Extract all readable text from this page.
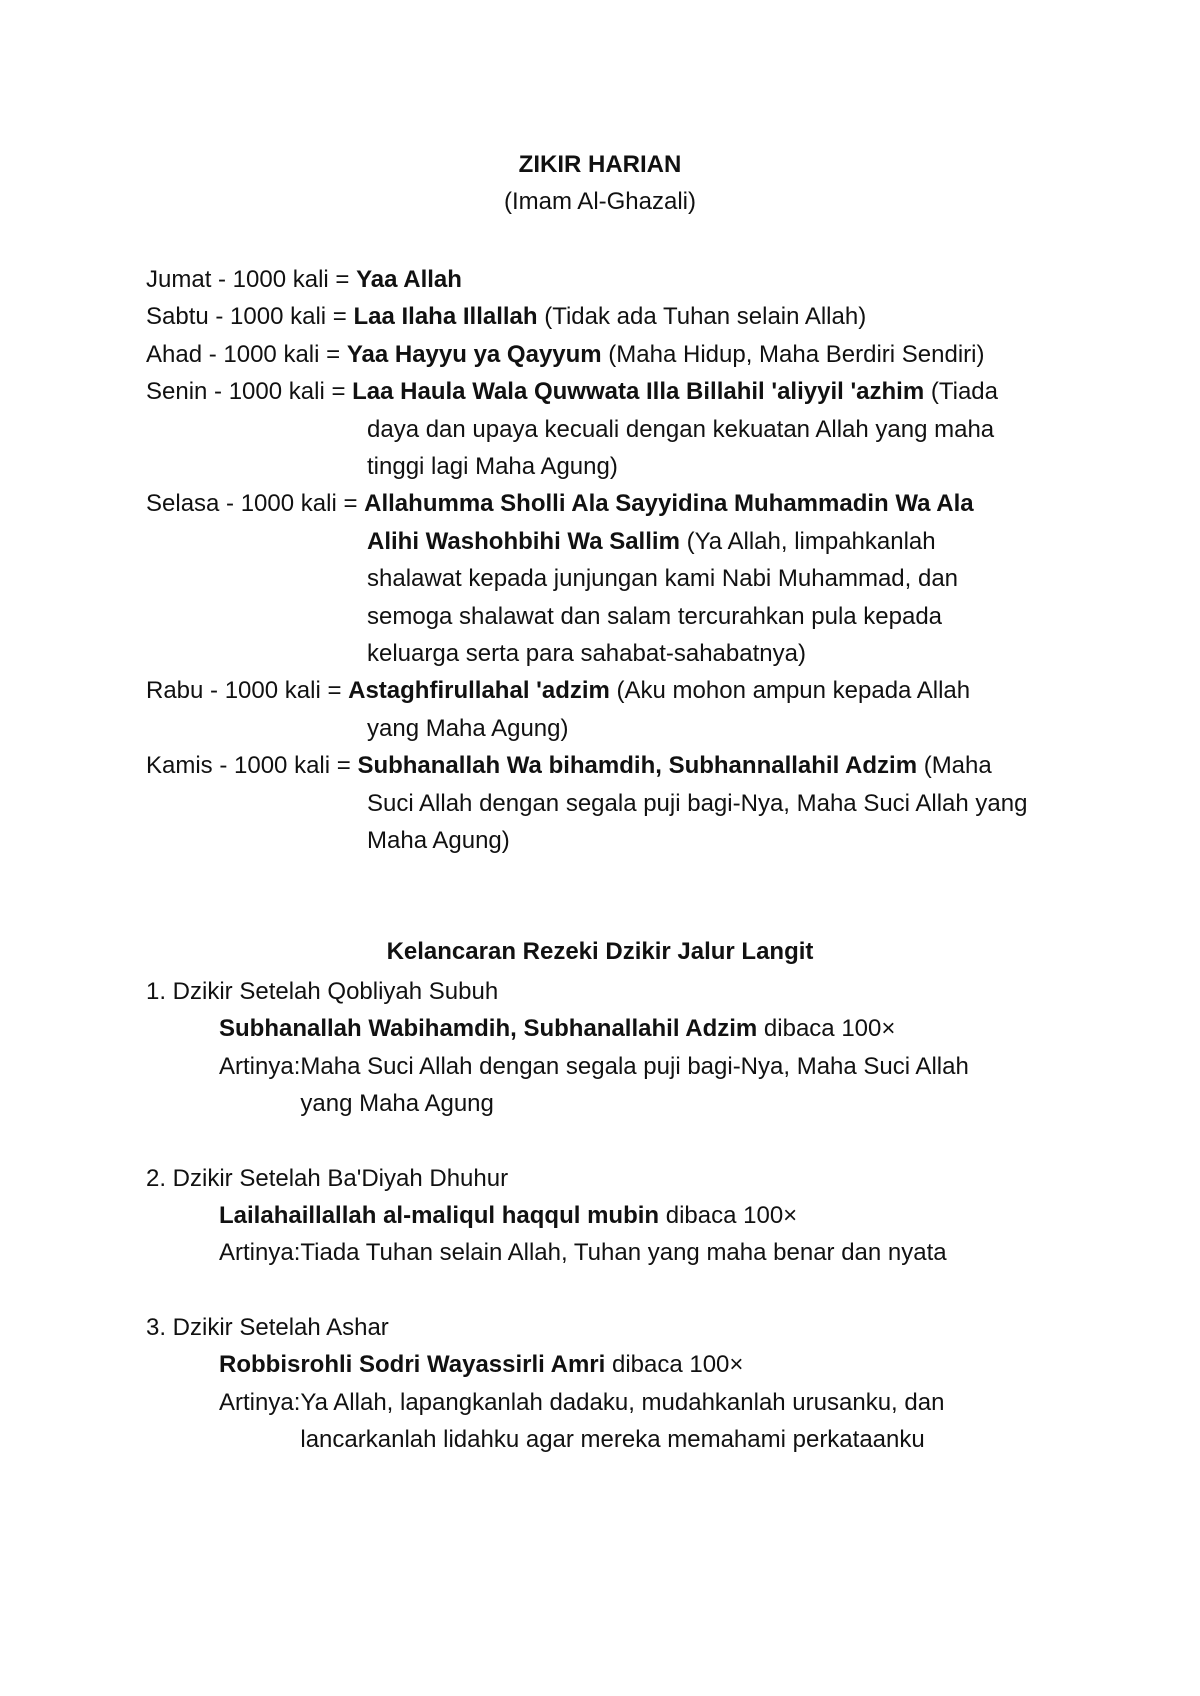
ZIKIR HARIAN
(Imam Al-Ghazali)
Jumat - 1000 kali = Yaa Allah
Sabtu - 1000 kali = Laa Ilaha Illallah (Tidak ada Tuhan selain Allah)
Ahad - 1000 kali = Yaa Hayyu ya Qayyum (Maha Hidup, Maha Berdiri Sendiri)
Senin - 1000 kali = Laa Haula Wala Quwwata Illa Billahil 'aliyyil 'azhim (Tiada
daya dan upaya kecuali dengan kekuatan Allah yang maha
tinggi lagi Maha Agung)
Selasa - 1000 kali = Allahumma Sholli Ala Sayyidina Muhammadin Wa Ala
Alihi Washohbihi Wa Sallim (Ya Allah, limpahkanlah
shalawat kepada junjungan kami Nabi Muhammad, dan
semoga shalawat dan salam tercurahkan pula kepada
keluarga serta para sahabat-sahabatnya)
Rabu - 1000 kali = Astaghfirullahal 'adzim (Aku mohon ampun kepada Allah
yang Maha Agung)
Kamis - 1000 kali = Subhanallah Wa bihamdih, Subhannallahil Adzim (Maha
Suci Allah dengan segala puji bagi-Nya, Maha Suci Allah yang
Maha Agung)
Kelancaran Rezeki Dzikir Jalur Langit
1. Dzikir Setelah Qobliyah Subuh
Subhanallah Wabihamdih, Subhanallahil Adzim dibaca 100×
Artinya: Maha Suci Allah dengan segala puji bagi-Nya, Maha Suci Allah yang Maha Agung
2. Dzikir Setelah Ba'Diyah Dhuhur
Lailahaillallah al-maliqul haqqul mubin dibaca 100×
Artinya: Tiada Tuhan selain Allah, Tuhan yang maha benar dan nyata
3. Dzikir Setelah Ashar
Robbisrohli Sodri Wayassirli Amri dibaca 100×
Artinya: Ya Allah, lapangkanlah dadaku, mudahkanlah urusanku, dan lancarkanlah lidahku agar mereka memahami perkataanku
